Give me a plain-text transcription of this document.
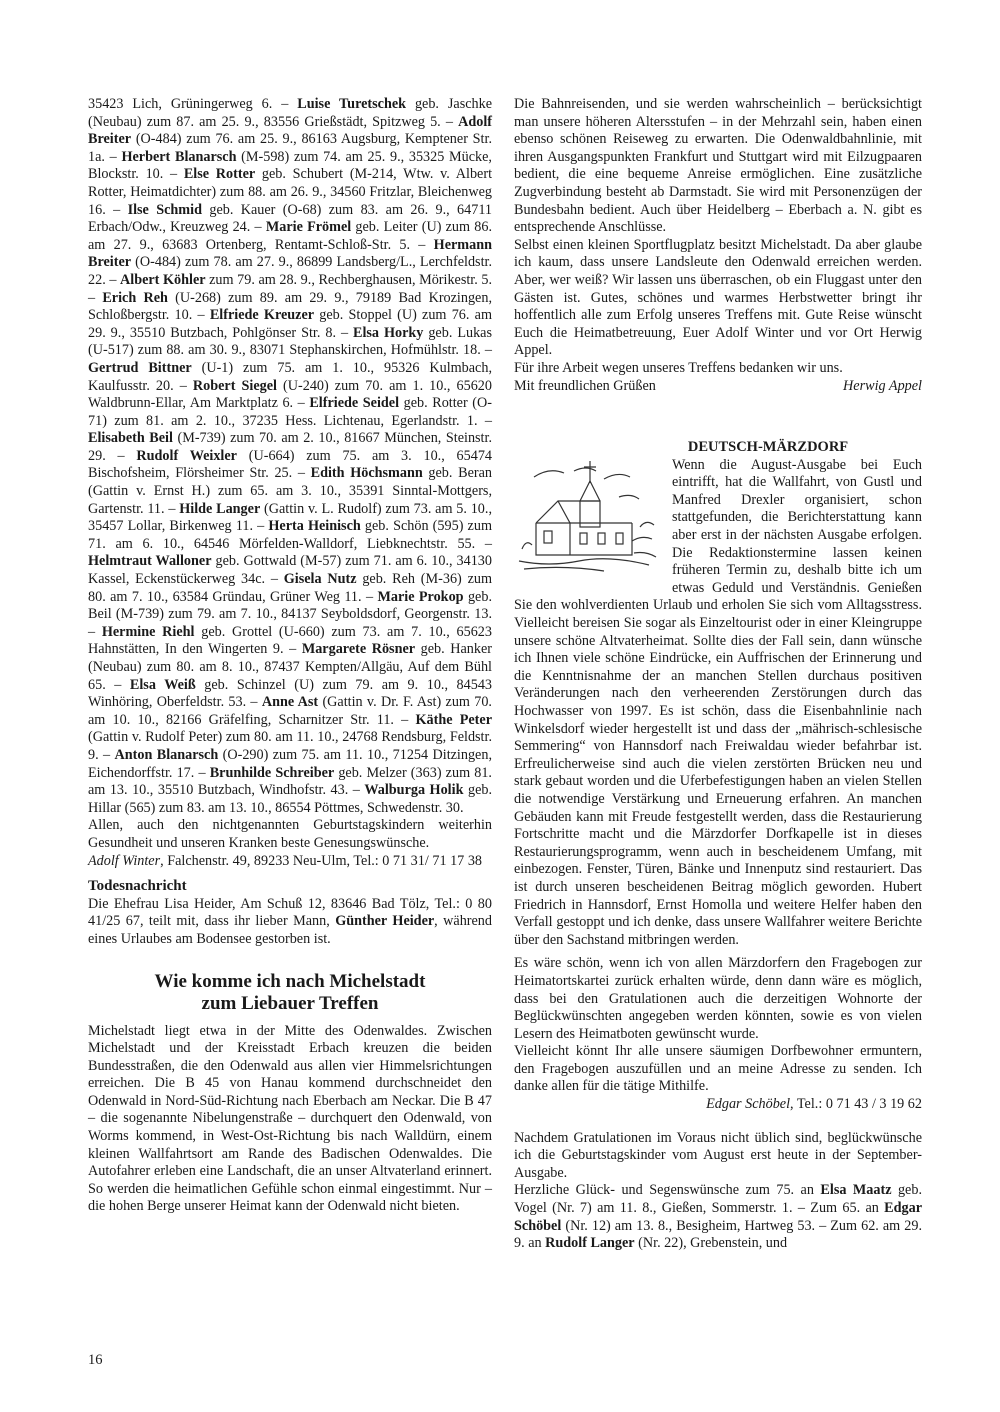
35423 Lich, Grüningerweg 6. – Luise Turetschek geb. Jaschke (Neubau) zum 87. am 25. 9., 83556 Grießstädt, Spitzweg 5. – Adolf Breiter (O-484) zum 76. am 25. 9., 86163 Augsburg, Kemptener Str. 1a. – Herbert Blanarsch (M-598) zum 74. am 25. 9., 35325 Mücke, Blockstr. 10. – Else Rotter geb. Schubert (M-214, Wtw. v. Albert Rotter, Heimatdichter) zum 88. am 26. 9., 34560 Fritzlar, Bleichenweg 16. – Ilse Schmid geb. Kauer (O-68) zum 83. am 26. 9., 64711 Erbach/Odw., Kreuzweg 24. – Marie Frömel geb. Leiter (U) zum 86. am 27. 9., 63683 Ortenberg, Rentamt-Schloß-Str. 5. – Hermann Breiter (O-484) zum 78. am 27. 9., 86899 Landsberg/L., Lerchfeldstr. 22. – Albert Köhler zum 79. am 28. 9., Rechberghausen, Mörikestr. 5. – Erich Reh (U-268) zum 89. am 29. 9., 79189 Bad Krozingen, Schloßbergstr. 10. – Elfriede Kreuzer geb. Stoppel (U) zum 76. am 29. 9., 35510 Butzbach, Pohlgönser Str. 8. – Elsa Horky geb. Lukas (U-517) zum 88. am 30. 9., 83071 Stephanskirchen, Hofmühlstr. 18. – Gertrud Bittner (U-1) zum 75. am 1. 10., 95326 Kulmbach, Kaulfusstr. 20. – Robert Siegel (U-240) zum 70. am 1. 10., 65620 Waldbrunn-Ellar, Am Marktplatz 6. – Elfriede Seidel geb. Rotter (O-71) zum 81. am 2. 10., 37235 Hess. Lichtenau, Egerlandstr. 1. – Elisabeth Beil (M-739) zum 70. am 2. 10., 81667 München, Steinstr. 29. – Rudolf Weixler (U-664) zum 75. am 3. 10., 65474 Bischofsheim, Flörsheimer Str. 25. – Edith Höchsmann geb. Beran (Gattin v. Ernst H.) zum 65. am 3. 10., 35391 Sinntal-Mottgers, Gartenstr. 11. – Hilde Langer (Gattin v. L. Rudolf) zum 73. am 5. 10., 35457 Lollar, Birkenweg 11. – Herta Heinisch geb. Schön (595) zum 71. am 6. 10., 64546 Mörfelden-Walldorf, Liebknechtstr. 55. – Helmtraut Walloner geb. Gottwald (M-57) zum 71. am 6. 10., 34130 Kassel, Eckenstückerweg 34c. – Gisela Nutz geb. Reh (M-36) zum 80. am 7. 10., 63584 Gründau, Grüner Weg 11. – Marie Prokop geb. Beil (M-739) zum 79. am 7. 10., 84137 Seyboldsdorf, Georgenstr. 13. – Hermine Riehl geb. Grottel (U-660) zum 73. am 7. 10., 65623 Hahnstätten, In den Wingerten 9. – Margarete Rösner geb. Hanker (Neubau) zum 80. am 8. 10., 87437 Kempten/Allgäu, Auf dem Bühl 65. – Elsa Weiß geb. Schinzel (U) zum 79. am 9. 10., 84543 Winhöring, Oberfeldstr. 53. – Anne Ast (Gattin v. Dr. F. Ast) zum 70. am 10. 10., 82166 Gräfelfing, Scharnitzer Str. 11. – Käthe Peter (Gattin v. Rudolf Peter) zum 80. am 11. 10., 24768 Rendsburg, Feldstr. 9. – Anton Blanarsch (O-290) zum 75. am 11. 10., 71254 Ditzingen, Eichendorffstr. 17. – Brunhilde Schreiber geb. Melzer (363) zum 81. am 13. 10., 35510 Butzbach, Windhofstr. 43. – Walburga Holik geb. Hillar (565) zum 83. am 13. 10., 86554 Pöttmes, Schwedenstr. 30.

Allen, auch den nichtgenannten Geburtstagskindern weiterhin Gesundheit und unseren Kranken beste Genesungswünsche.

Adolf Winter, Falchenstr. 49, 89233 Neu-Ulm, Tel.: 0 71 31/ 71 17 38

Todesnachricht

Die Ehefrau Lisa Heider, Am Schuß 12, 83646 Bad Tölz, Tel.: 0 80 41/25 67, teilt mit, dass ihr lieber Mann, Günther Heider, während eines Urlaubes am Bodensee gestorben ist.

Wie komme ich nach Michelstadt
zum Liebauer Treffen

Michelstadt liegt etwa in der Mitte des Odenwaldes. Zwischen Michelstadt und der Kreisstadt Erbach kreuzen die beiden Bundesstraßen, die den Odenwald aus allen vier Himmelsrichtungen erreichen. Die B 45 von Hanau kommend durchschneidet den Odenwald in Nord-Süd-Richtung nach Eberbach am Neckar. Die B 47 – die sogenannte Nibelungenstraße – durchquert den Odenwald, von Worms kommend, in West-Ost-Richtung bis nach Walldürn, einem kleinen Wallfahrtsort am Rande des Badischen Odenwaldes. Die Autofahrer erleben eine Landschaft, die an unser Altvaterland erinnert. So werden die heimatlichen Gefühle schon einmal eingestimmt. Nur – die hohen Berge unserer Heimat kann der Odenwald nicht bieten.

Die Bahnreisenden, und sie werden wahrscheinlich – berücksichtigt man unsere höheren Altersstufen – in der Mehrzahl sein, haben einen ebenso schönen Reiseweg zu erwarten. Die Odenwaldbahnlinie, mit ihren Ausgangspunkten Frankfurt und Stuttgart wird mit Eilzugpaaren bedient, die eine bequeme Anreise ermöglichen. Eine zusätzliche Zugverbindung besteht ab Darmstadt. Sie wird mit Personenzügen der Bundesbahn bedient. Auch über Heidelberg – Eberbach a. N. gibt es entsprechende Anschlüsse.

Selbst einen kleinen Sportflugplatz besitzt Michelstadt. Da aber glaube ich kaum, dass unsere Landsleute den Odenwald erreichen werden. Aber, wer weiß? Wir lassen uns überraschen, ob ein Fluggast unter den Gästen ist. Gutes, schönes und warmes Herbstwetter bringt ihr hoffentlich alle zum Erfolg unseres Treffens mit. Gute Reise wünscht Euch die Heimatbetreuung, Euer Adolf Winter und vor Ort Herwig Appel.

Für ihre Arbeit wegen unseres Treffens bedanken wir uns.

Mit freundlichen Grüßen	Herwig Appel
DEUTSCH-MÄRZDORF

Wenn die August-Ausgabe bei Euch eintrifft, hat die Wallfahrt, von Gustl und Manfred Drexler organisiert, schon stattgefunden, die Berichterstattung kann aber erst in der nächsten Ausgabe erfolgen. Die Redaktionstermine lassen keinen früheren Termin zu, deshalb bitte ich um etwas Geduld und Verständnis. Genießen Sie den wohlverdienten Urlaub und erholen Sie sich vom Alltagsstress. Vielleicht bereisen Sie sogar als Einzeltourist oder in einer Kleingruppe unsere schöne Altvaterheimat. Sollte dies der Fall sein, dann wünsche ich Ihnen viele schöne Eindrücke, ein Auffrischen der Erinnerung und die Kenntnisnahme der an manchen Stellen durchaus positiven Veränderungen nach den verheerenden Zerstörungen durch das Hochwasser von 1997. Es ist schön, dass die Eisenbahnlinie nach Winkelsdorf wieder hergestellt ist und dass der „mährisch-schlesische Semmering“ von Hannsdorf nach Freiwaldau wieder befahrbar ist. Erfreulicherweise sind auch die vielen zerstörten Brücken neu und stark gebaut worden und die Uferbefestigungen haben an vielen Stellen die notwendige Verstärkung und Erneuerung erfahren. An manchen Gebäuden kann mit Freude festgestellt werden, dass die Restaurierung Fortschritte macht und die Märzdorfer Dorfkapelle ist in dieses Restaurierungsprogramm, wenn auch in bescheidenem Umfang, mit einbezogen. Fenster, Türen, Bänke und Innenputz sind restauriert. Das ist durch unseren bescheidenen Beitrag möglich geworden. Hubert Friedrich in Hannsdorf, Ernst Homolla und weitere Helfer haben den Verfall gestoppt und ich denke, dass unsere Wallfahrer weitere Berichte über den Sachstand mitbringen werden.

Es wäre schön, wenn ich von allen Märzdorfern den Fragebogen zur Heimatortskartei zurück erhalten würde, denn dann wäre es möglich, dass bei den Gratulationen auch die derzeitigen Wohnorte der Beglückwünschten angegeben werden könnten, sowie es von vielen Lesern des Heimatboten gewünscht wurde.

Vielleicht könnt Ihr alle unsere säumigen Dorfbewohner ermuntern, den Fragebogen auszufüllen und an meine Adresse zu senden. Ich danke allen für die tätige Mithilfe.

Edgar Schöbel, Tel.: 0 71 43 / 3 19 62

Nachdem Gratulationen im Voraus nicht üblich sind, beglückwünsche ich die Geburtstagskinder vom August erst heute in der September-Ausgabe.

Herzliche Glück- und Segenswünsche zum 75. an Elsa Maatz geb. Vogel (Nr. 7) am 11. 8., Gießen, Sommerstr. 1. – Zum 65. an Edgar Schöbel (Nr. 12) am 13. 8., Besigheim, Hartweg 53. – Zum 62. am 29. 9. an Rudolf Langer (Nr. 22), Grebenstein, und

16
